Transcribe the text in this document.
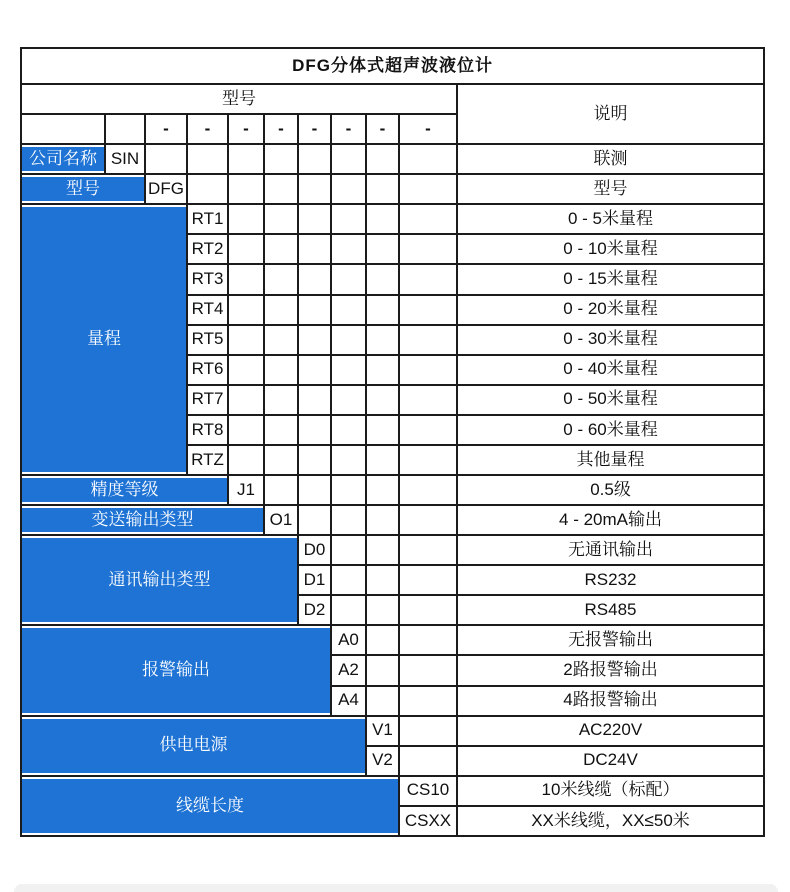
DFG分体式超声波液位计										
型号										说明
		-	-	-	-	-	-	-	-	
公司名称	SIN									联测
型号		DFG								型号
量程			RT1							0 - 5米量程
			RT2							0 - 10米量程
			RT3							0 - 15米量程
			RT4							0 - 20米量程
			RT5							0 - 30米量程
			RT6							0 - 40米量程
			RT7							0 - 50米量程
			RT8							0 - 60米量程
			RTZ							其他量程
精度等级				J1						0.5级
变送输出类型					O1					4 - 20mA输出
通讯输出类型						D0				无通讯输出
						D1				RS232
						D2				RS485
报警输出							A0			无报警输出
							A2			2路报警输出
							A4			4路报警输出
供电电源								V1		AC220V
								V2		DC24V
线缆长度									CS10	10米线缆（标配）
									CSXX	XX米线缆，XX≤50米
